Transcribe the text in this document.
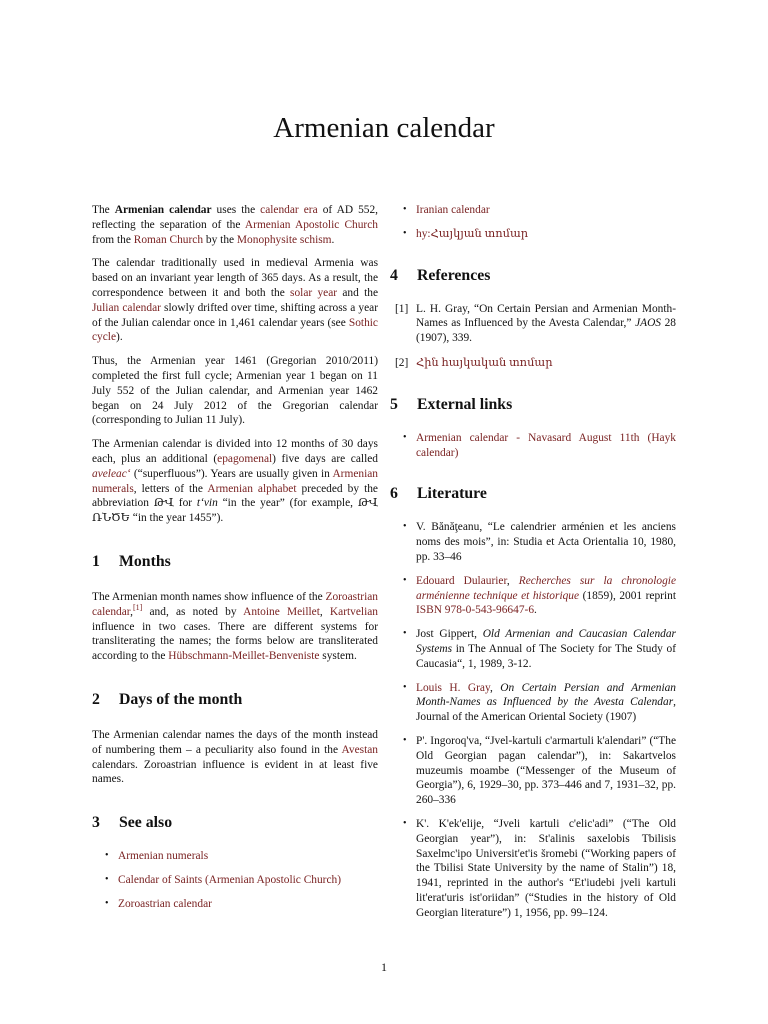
Armenian calendar

The Armenian calendar uses the calendar era of AD 552, reflecting the separation of the Armenian Apostolic Church from the Roman Church by the Monophysite schism.

The calendar traditionally used in medieval Armenia was based on an invariant year length of 365 days. As a result, the correspondence between it and both the solar year and the Julian calendar slowly drifted over time, shifting across a year of the Julian calendar once in 1,461 calendar years (see Sothic cycle).

Thus, the Armenian year 1461 (Gregorian 2010/2011) completed the first full cycle; Armenian year 1 began on 11 July 552 of the Julian calendar, and Armenian year 1462 began on 24 July 2012 of the Gregorian calendar (corresponding to Julian 11 July).

The Armenian calendar is divided into 12 months of 30 days each, plus an additional (epagomenal) five days are called aveleac‘ (“superfluous”). Years are usually given in Armenian numerals, letters of the Armenian alphabet preceded by the abbreviation ԹՎ for t‘vin “in the year” (for example, ԹՎ ՌՆԾԵ “in the year 1455”).

1 Months

The Armenian month names show influence of the Zoroastrian calendar,[1] and, as noted by Antoine Meillet, Kartvelian influence in two cases. There are different systems for transliterating the names; the forms below are transliterated according to the Hübschmann-Meillet-Benveniste system.

2 Days of the month

The Armenian calendar names the days of the month instead of numbering them – a peculiarity also found in the Avestan calendars. Zoroastrian influence is evident in at least five names.

3 See also
• Armenian numerals
• Calendar of Saints (Armenian Apostolic Church)
• Zoroastrian calendar
• Iranian calendar
• hy:Հայկյան տոմար
4 References
[1] L. H. Gray, “On Certain Persian and Armenian Month-Names as Influenced by the Avesta Calendar,” JAOS 28 (1907), 339.
[2] Հին հայկական տոմար
5 External links
• Armenian calendar - Navasard August 11th (Hayk calendar)
6 Literature
• V. Bănăţeanu, “Le calendrier arménien et les anciens noms des mois”, in: Studia et Acta Orientalia 10, 1980, pp. 33–46
• Edouard Dulaurier, Recherches sur la chronologie arménienne technique et historique (1859), 2001 reprint ISBN 978-0-543-96647-6.
• Jost Gippert, Old Armenian and Caucasian Calendar Systems in The Annual of The Society for The Study of Caucasia“, 1, 1989, 3-12.
• Louis H. Gray, On Certain Persian and Armenian Month-Names as Influenced by the Avesta Calendar, Journal of the American Oriental Society (1907)
• P'. Ingoroq'va, “Jvel-kartuli c'armartuli k'alendari” (“The Old Georgian pagan calendar”), in: Sakartvelos muzeumis moambe (“Messenger of the Museum of Georgia”), 6, 1929–30, pp. 373–446 and 7, 1931–32, pp. 260–336
• K'. K'ek'elije, “Jveli kartuli c'elic'adi” (“The Old Georgian year”), in: St'alinis saxelobis Tbilisis Saxelmc'ipo Universit'et'is šromebi (“Working papers of the Tbilisi State University by the name of Stalin”) 18, 1941, reprinted in the author's “Et'iudebi jveli kartuli lit'erat'uris ist'oriidan” (“Studies in the history of Old Georgian literature”) 1, 1956, pp. 99–124.
1
